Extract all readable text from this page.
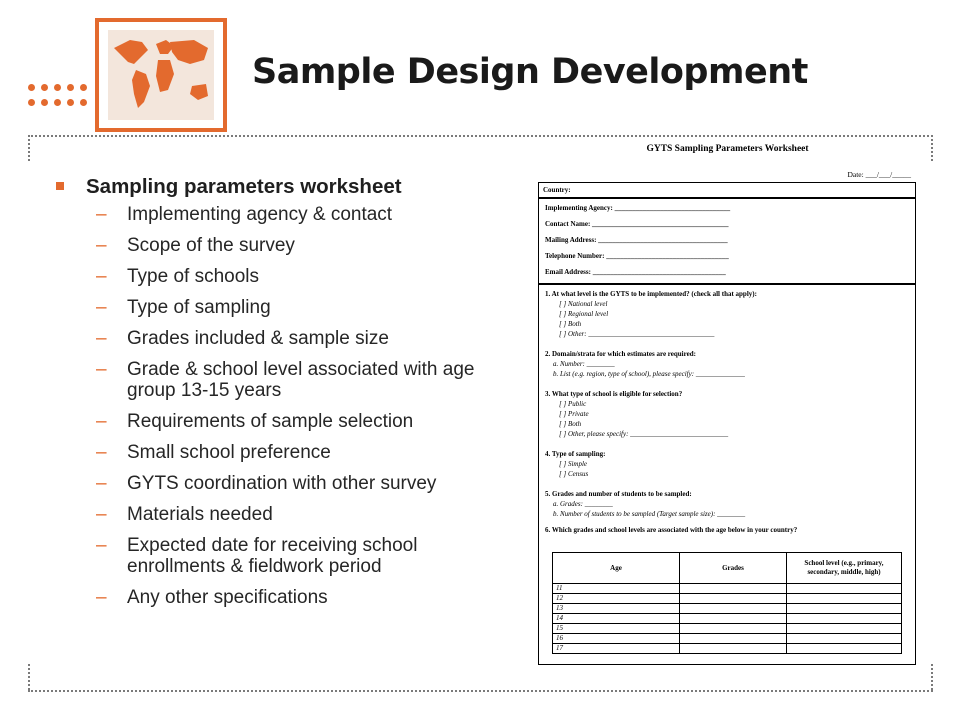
Sample Design Development
Sampling parameters worksheet
– Implementing agency & contact
– Scope of the survey
– Type of schools
– Type of sampling
– Grades included & sample size
– Grade & school level associated with age group 13-15 years
– Requirements of sample selection
– Small school preference
– GYTS coordination with other survey
– Materials needed
– Expected date for receiving school enrollments & fieldwork period
– Any other specifications
GYTS Sampling Parameters Worksheet
Date: ___/___/_____
Country:
Implementing Agency: _________________________________
Contact Name: _______________________________________
Mailing Address: _____________________________________
Telephone Number: ___________________________________
Email Address: ______________________________________
1. At what level is the GYTS to be implemented? (check all that apply):
[ ] National level
[ ] Regional level
[ ] Both
[ ] Other: ____________________________________
2. Domain/strata for which estimates are required:
a. Number: ________
b. List (e.g. region, type of school), please specify: ______________
3. What type of school is eligible for selection?
[ ] Public
[ ] Private
[ ] Both
[ ] Other, please specify: ____________________________
4. Type of sampling:
[ ] Simple
[ ] Census
5. Grades and number of students to be sampled:
a. Grades: ________
b. Number of students to be sampled (Target sample size): ________
6. Which grades and school levels are associated with the age below in your country?
Age	Grades	School level (e.g., primary, secondary, middle, high)
11		
12		
13		
14		
15		
16		
17		
